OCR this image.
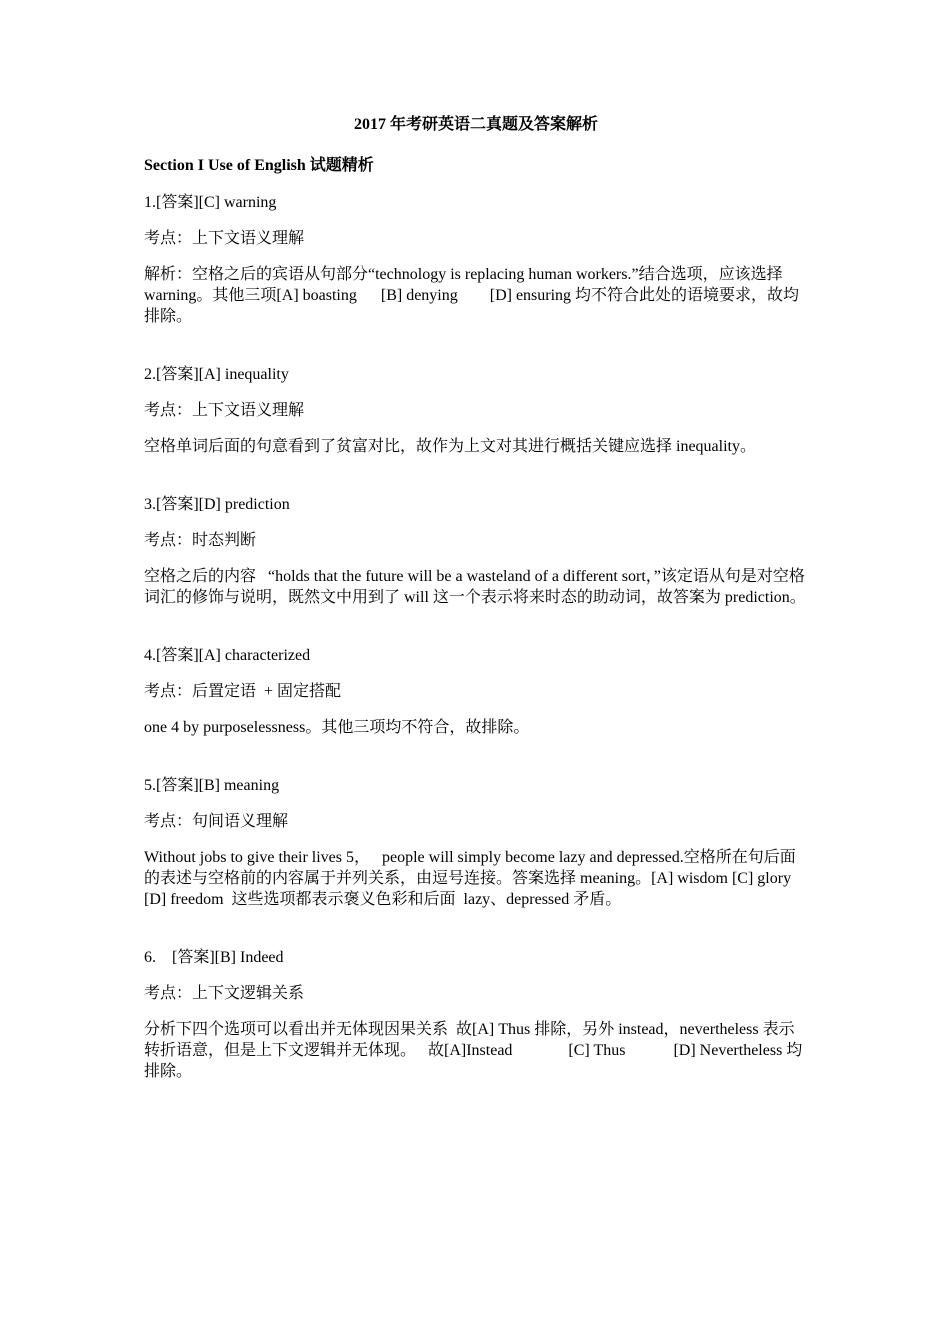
2017 年考研英语二真题及答案解析
Section I Use of English 试题精析
1.[答案][C] warning
考点：上下文语义理解
解析：空格之后的宾语从句部分“technology is replacing human workers.”结合选项，应该选择 warning。其他三项[A] boasting      [B] denying        [D] ensuring 均不符合此处的语境要求，故均排除。
2.[答案][A] inequality
考点：上下文语义理解
空格单词后面的句意看到了贫富对比，故作为上文对其进行概括关键应选择 inequality。
3.[答案][D] prediction
考点：时态判断
空格之后的内容   “holds that the future will be a wasteland of a different sort，”该定语从句是对空格词汇的修饰与说明，既然文中用到了 will 这一个表示将来时态的助动词，故答案为 prediction。
4.[答案][A] characterized
考点：后置定语  + 固定搭配
one 4 by purposelessness。其他三项均不符合，故排除。
5.[答案][B] meaning
考点：句间语义理解
Without jobs to give their lives 5，   people will simply become lazy and depressed.空格所在句后面的表述与空格前的内容属于并列关系，由逗号连接。答案选择 meaning。[A] wisdom [C] glory      [D] freedom  这些选项都表示褒义色彩和后面  lazy、depressed 矛盾。
6.    [答案][B] Indeed
考点：上下文逻辑关系
分析下四个选项可以看出并无体现因果关系  故[A] Thus 排除，另外 instead，nevertheless 表示转折语意，但是上下文逻辑并无体现。   故[A]Instead              [C] Thus            [D] Nevertheless 均排除。
